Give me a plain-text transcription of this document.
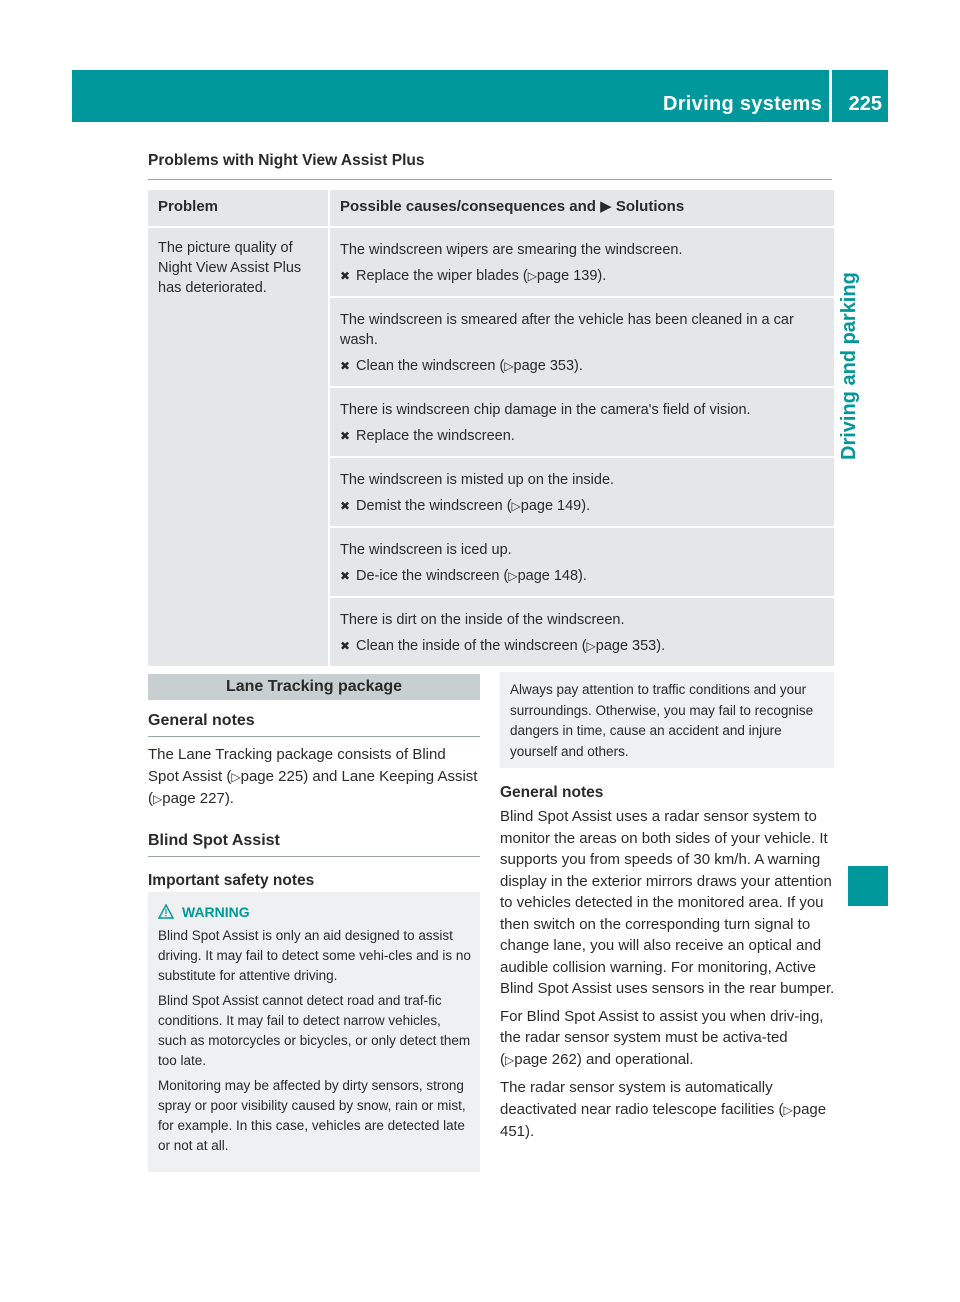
Driving systems 225
Driving and parking
Problems with Night View Assist Plus
Problem	Possible causes/consequences and ▶ Solutions
The picture quality of Night View Assist Plus has deteriorated.	The windscreen wipers are smearing the windscreen.

✖ Replace the wiper blades (▷page 139).

	The windscreen is smeared after the vehicle has been cleaned in a car wash.

✖ Clean the windscreen (▷page 353).

	There is windscreen chip damage in the camera's field of vision.

✖ Replace the windscreen.

	The windscreen is misted up on the inside.

✖ Demist the windscreen (▷page 149).

	The windscreen is iced up.

✖ De-ice the windscreen (▷page 148).

	There is dirt on the inside of the windscreen.

✖ Clean the inside of the windscreen (▷page 353).

Lane Tracking package
General notes

The Lane Tracking package consists of Blind Spot Assist (▷page 225) and Lane Keeping Assist (▷page 227).

Blind Spot Assist
Important safety notes
WARNING

Blind Spot Assist is only an aid designed to assist driving. It may fail to detect some vehi-cles and is no substitute for attentive driving.

Blind Spot Assist cannot detect road and traf-fic conditions. It may fail to detect narrow vehicles, such as motorcycles or bicycles, or only detect them too late.

Monitoring may be affected by dirty sensors, strong spray or poor visibility caused by snow, rain or mist, for example. In this case, vehicles are detected late or not at all.

Always pay attention to traffic conditions and your surroundings. Otherwise, you may fail to recognise dangers in time, cause an accident and injure yourself and others.

General notes

Blind Spot Assist uses a radar sensor system to monitor the areas on both sides of your vehicle. It supports you from speeds of 30 km/h. A warning display in the exterior mirrors draws your attention to vehicles detected in the monitored area. If you then switch on the corresponding turn signal to change lane, you will also receive an optical and audible collision warning. For monitoring, Active Blind Spot Assist uses sensors in the rear bumper.

For Blind Spot Assist to assist you when driv-ing, the radar sensor system must be activa-ted (▷page 262) and operational.

The radar sensor system is automatically deactivated near radio telescope facilities (▷page 451).
